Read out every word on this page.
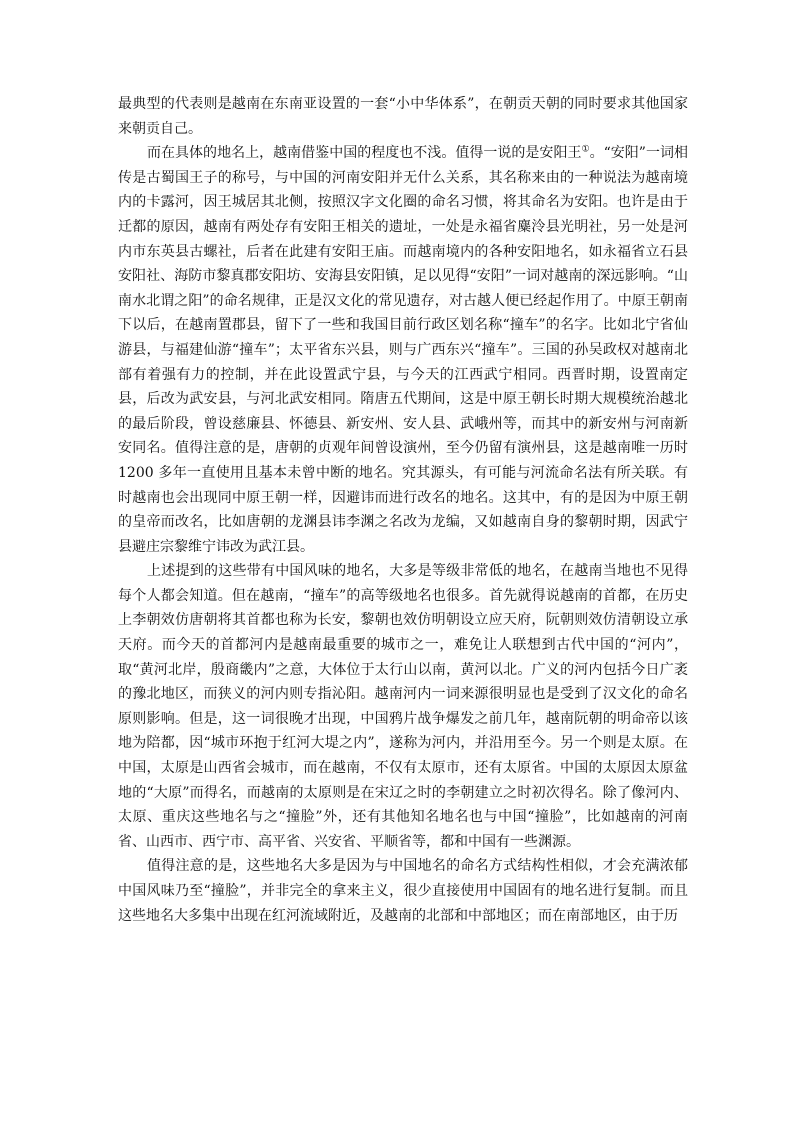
最典型的代表则是越南在东南亚设置的一套“小中华体系”，在朝贡天朝的同时要求其他国家来朝贡自己。

而在具体的地名上，越南借鉴中国的程度也不浅。值得一说的是安阳王①。“安阳”一词相传是古蜀国王子的称号，与中国的河南安阳并无什么关系，其名称来由的一种说法为越南境内的卡露河，因王城居其北侧，按照汉字文化圈的命名习惯，将其命名为安阳。也许是由于迁都的原因，越南有两处存有安阳王相关的遗址，一处是永福省麋泠县光明社，另一处是河内市东英县古螺社，后者在此建有安阳王庙。而越南境内的各种安阳地名，如永福省立石县安阳社、海防市黎真郡安阳坊、安海县安阳镇，足以见得“安阳”一词对越南的深远影响。“山南水北谓之阳”的命名规律，正是汉文化的常见遗存，对古越人便已经起作用了。中原王朝南下以后，在越南置郡县，留下了一些和我国目前行政区划名称“撞车”的名字。比如北宁省仙游县，与福建仙游“撞车”；太平省东兴县，则与广西东兴“撞车”。三国的孙吴政权对越南北部有着强有力的控制，并在此设置武宁县，与今天的江西武宁相同。西晋时期，设置南定县，后改为武安县，与河北武安相同。隋唐五代期间，这是中原王朝长时期大规模统治越北的最后阶段，曾设慈廉县、怀德县、新安州、安人县、武峨州等，而其中的新安州与河南新安同名。值得注意的是，唐朝的贞观年间曾设演州，至今仍留有演州县，这是越南唯一历时 1200 多年一直使用且基本未曾中断的地名。究其源头，有可能与河流命名法有所关联。有时越南也会出现同中原王朝一样，因避讳而进行改名的地名。这其中，有的是因为中原王朝的皇帝而改名，比如唐朝的龙渊县讳李渊之名改为龙编，又如越南自身的黎朝时期，因武宁县避庄宗黎维宁讳改为武江县。

上述提到的这些带有中国风味的地名，大多是等级非常低的地名，在越南当地也不见得每个人都会知道。但在越南，“撞车”的高等级地名也很多。首先就得说越南的首都，在历史上李朝效仿唐朝将其首都也称为长安，黎朝也效仿明朝设立应天府，阮朝则效仿清朝设立承天府。而今天的首都河内是越南最重要的城市之一，难免让人联想到古代中国的“河内”，取“黄河北岸，殷商畿内”之意，大体位于太行山以南，黄河以北。广义的河内包括今日广袤的豫北地区，而狭义的河内则专指沁阳。越南河内一词来源很明显也是受到了汉文化的命名原则影响。但是，这一词很晚才出现，中国鸦片战争爆发之前几年，越南阮朝的明命帝以该地为陪都，因“城市环抱于红河大堤之内”，遂称为河内，并沿用至今。另一个则是太原。在中国，太原是山西省会城市，而在越南，不仅有太原市，还有太原省。中国的太原因太原盆地的“大原”而得名，而越南的太原则是在宋辽之时的李朝建立之时初次得名。除了像河内、太原、重庆这些地名与之“撞脸”外，还有其他知名地名也与中国“撞脸”，比如越南的河南省、山西市、西宁市、高平省、兴安省、平顺省等，都和中国有一些渊源。

值得注意的是，这些地名大多是因为与中国地名的命名方式结构性相似，才会充满浓郁中国风味乃至“撞脸”，并非完全的拿来主义，很少直接使用中国固有的地名进行复制。而且这些地名大多集中出现在红河流域附近，及越南的北部和中部地区；而在南部地区，由于历
